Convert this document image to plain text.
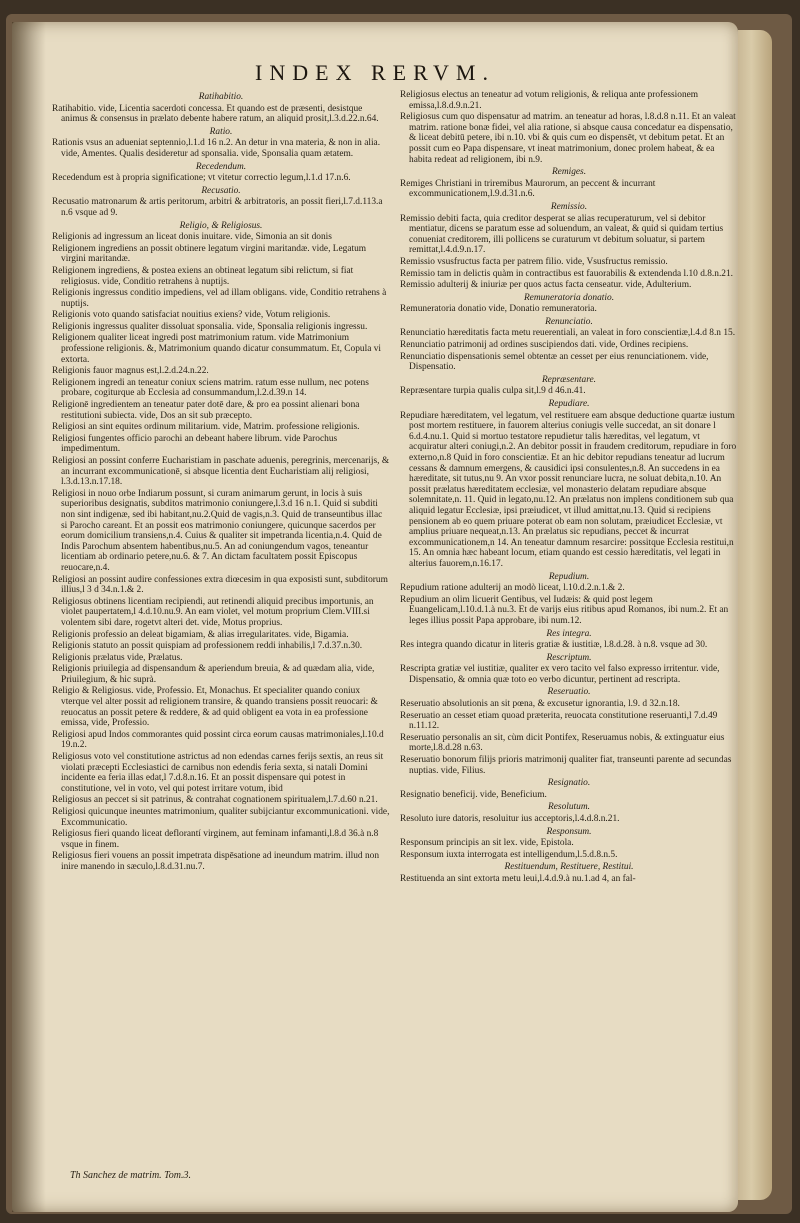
INDEX RERVM.
Ratihabitio.
Ratihabitio. vide, Licentia sacerdoti concessa. Et quando est de præsenti, desistque animus & consensus in prælato debente habere ratum, an aliquid prosit,l.3.d.22.n.64.
Ratio.
Rationis vsus an adueniat septennio,l.1.d 16 n.2. An detur in vna materia, & non in alia. vide, Amentes. Qualis desideretur ad sponsalia. vide, Sponsalia quam ætatem.
Recedendum.
Recedendum est à propria significatione; vt vitetur correctio legum,l.1.d 17.n.6.
Recusatio.
Recusatio matronarum & artis peritorum, arbitri & arbitratoris, an possit fieri,l.7.d.113.a n.6 vsque ad 9.
Religio, & Religiosus.
Religionis ad ingressum an liceat donis inuitare. vide, Simonia an sit donis
Religionem ingrediens an possit obtinere legatum virgini maritandæ. vide, Legatum virgini maritandæ.
Religionem ingrediens, & postea exiens an obtineat legatum sibi relictum, si fiat religiosus. vide, Conditio retrahens à nuptijs.
Religionis ingressus conditio impediens, vel ad illam obligans. vide, Conditio retrahens à nuptijs.
Religionis voto quando satisfaciat nouitius exiens? vide, Votum religionis.
Religionis ingressus qualiter dissoluat sponsalia. vide, Sponsalia religionis ingressu.
Religionem qualiter liceat ingredi post matrimonium ratum. vide Matrimonium professione religionis. &, Matrimonium quando dicatur consummatum. Et, Copula vi extorta.
Religionis fauor magnus est,l.2.d.24.n.22.
Religionem ingredi an teneatur coniux sciens matrim. ratum esse nullum, nec potens probare, cogiturque ab Ecclesia ad consummandum,l.2.d.39.n 14.
Religionē ingredientem an teneatur pater dotē dare, & pro ea possint alienari bona restitutioni subiecta. vide, Dos an sit sub præcepto.
Religiosi an sint equites ordinum militarium. vide, Matrim. professione religionis.
Religiosi fungentes officio parochi an debeant habere librum. vide Parochus impedimentum.
Religiosi an possint conferre Eucharistiam in paschate aduenis, peregrinis, mercenarijs, & an incurrant excommunicationē, si absque licentia dent Eucharistiam alij religiosi, l.3.d.13.n.17.18.
Religiosi in nouo orbe Indiarum possunt, si curam animarum gerunt, in locis à suis superioribus designatis, subditos matrimonio coniungere,l.3.d 16 n.1. Quid si subditi non sint indigenæ, sed ibi habitant,nu.2.Quid de vagis,n.3. Quid de transeuntibus illac si Parocho careant. Et an possit eos matrimonio coniungere, quicunque sacerdos per eorum domicilium transiens,n.4. Cuius & qualiter sit impetranda licentia,n.4. Quid de Indis Parochum absentem habentibus,nu.5. An ad coniungendum vagos, teneantur licentiam ab ordinario petere,nu.6. & 7. An dictam facultatem possit Episcopus reuocare,n.4.
Religiosi an possint audire confessiones extra diœcesim in qua exposisti sunt, subditorum illius,l 3 d 34.n.1.& 2.
Religiosus obtinens licentiam recipiendi, aut retinendi aliquid precibus importunis, an violet paupertatem,l 4.d.10.nu.9. An eam violet, vel motum proprium Clem.VIII.si volentem sibi dare, rogetvt alteri det. vide, Motus proprius.
Religionis professio an deleat bigamiam, & alias irregularitates. vide, Bigamia.
Religionis statuto an possit quispiam ad professionem reddi inhabilis,l 7.d.37.n.30.
Religionis prælatus vide, Prælatus.
Religionis priuilegia ad dispensandum & aperiendum breuia, & ad quædam alia, vide, Priuilegium, & hic suprà.
Religio & Religiosus. vide, Professio. Et, Monachus. Et specialiter quando coniux vterque vel alter possit ad religionem transire, & quando transiens possit reuocari: & reuocatus an possit petere & reddere, & ad quid obligent ea vota in ea professione emissa, vide, Professio.
Religiosi apud Indos commorantes quid possint circa eorum causas matrimoniales,l.10.d 19.n.2.
Religiosus voto vel constitutione astrictus ad non edendas carnes ferijs sextis, an reus sit violati præcepti Ecclesiastici de carnibus non edendis feria sexta, si natali Domini incidente ea feria illas edat,l 7.d.8.n.16. Et an possit dispensare qui potest in constitutione, vel in voto, vel qui potest irritare votum, ibid
Religiosus an peccet si sit patrinus, & contrahat cognationem spiritualem,l.7.d.60 n.21.
Religiosi quicunque ineuntes matrimonium, qualiter subijciantur excommunicationi. vide, Excommunicatio.
Religiosus fieri quando liceat deflorantí virginem, aut feminam infamanti,l.8.d 36.à n.8 vsque in finem.
Religiosus fieri vouens an possit impetrata dispēsatione ad ineundum matrim. illud non inire manendo in sæculo,l.8.d.31.nu.7.
Religiosus electus an teneatur ad votum religionis, & reliqua ante professionem emissa,l.8.d.9.n.21.
Religiosus cum quo dispensatur ad matrim. an teneatur ad horas, l.8.d.8 n.11. Et an valeat matrim. ratione bonæ fidei, vel alia ratione, si absque causa concedatur ea dispensatio, & liceat debitū petere, ibi n.10. vbi & quis cum eo dispensēt, vt debitum petat. Et an possit cum eo Papa dispensare, vt ineat matrimonium, donec prolem habeat, & ea habita redeat ad religionem, ibi n.9.
Remiges.
Remiges Christiani in triremibus Maurorum, an peccent & incurrant excommunicationem,l.9.d.31.n.6.
Remissio.
Remissio debiti facta, quia creditor desperat se alias recuperaturum, vel si debitor mentiatur, dicens se paratum esse ad soluendum, an valeat, & quid si quidam tertius conueniat creditorem, illi pollicens se curaturum vt debitum soluatur, si partem remittat,l.4.d.9.n.17.
Remissio vsusfructus facta per patrem filio. vide, Vsusfructus remissio.
Remissio tam in delictis quàm in contractibus est fauorabilis & extendenda l.10 d.8.n.21.
Remissio adulterij & iniuriæ per quos actus facta censeatur. vide, Adulterium.
Remuneratoria donatio.
Remuneratoria donatio vide, Donatio remuneratoria.
Renunciatio.
Renunciatio hæreditatis facta metu reuerentiali, an valeat in foro conscientiæ,l.4.d 8.n 15.
Renunciatio patrimonij ad ordines suscipiendos dati. vide, Ordines recipiens.
Renunciatio dispensationis semel obtentæ an cesset per eius renunciationem. vide, Dispensatio.
Repræsentare.
Repræsentare turpia qualis culpa sit,l.9 d 46.n.41.
Repudiare.
Repudiare hæreditatem, vel legatum, vel restituere eam absque deductione quartæ iustum post mortem restituere, in fauorem alterius coniugis velle succedat, an sit donare l 6.d.4.nu.1. Quid si mortuo testatore repudietur talis hæreditas, vel legatum, vt acquiratur alteri coniugi,n.2. An debitor possit in fraudem creditorum, repudiare in foro externo,n.8 Quid in foro conscientiæ. Et an hic debitor repudians teneatur ad lucrum cessans & damnum emergens, & causidici ipsi consulentes,n.8. An succedens in ea hæreditate, sit tutus,nu 9. An vxor possit renunciare lucra, ne soluat debita,n.10. An possit prælatus hæreditatem ecclesiæ, vel monasterio delatam repudiare absque solemnitate,n. 11. Quid in legato,nu.12. An prælatus non implens conditionem sub qua aliquid legatur Ecclesiæ, ipsi præiudicet, vt illud amittat,nu.13. Quid si recipiens pensionem ab eo quem priuare poterat ob eam non solutam, præiudicet Ecclesiæ, vt amplius priuare nequeat,n.13. An prælatus sic repudians, peccet & incurrat excommunicationem,n 14. An teneatur damnum resarcire: possitque Ecclesia restitui,n 15. An omnia hæc habeant locum, etiam quando est cessio hæreditatis, vel legati in alterius fauorem,n.16.17.
Repudium.
Repudium ratione adulterij an modò liceat, l.10.d.2.n.1.& 2.
Repudium an olim licuerit Gentibus, vel Iudæis: & quid post legem Euangelicam,l.10.d.1.à nu.3. Et de varijs eius ritibus apud Romanos, ibi num.2. Et an leges illius possit Papa approbare, ibi num.12.
Res integra.
Res integra quando dicatur in literis gratiæ & iustitiæ, l.8.d.28. à n.8. vsque ad 30.
Rescriptum.
Rescripta gratiæ vel iustitiæ, qualiter ex vero tacito vel falso expresso irritentur. vide, Dispensatio, & omnia quæ toto eo verbo dicuntur, pertinent ad rescripta.
Reseruatio.
Reseruatio absolutionis an sit pœna, & excusetur ignorantia, l.9. d 32.n.18.
Reseruatio an cesset etiam quoad præterita, reuocata constitutione reseruanti,l 7.d.49 n.11.12.
Reseruatio personalis an sit, cùm dicit Pontifex, Reseruamus nobis, & extinguatur eius morte,l.8.d.28 n.63.
Reseruatio bonorum filijs prioris matrimonij qualiter fiat, transeunti parente ad secundas nuptias. vide, Filius.
Resignatio.
Resignatio beneficij. vide, Beneficium.
Resolutum.
Resoluto iure datoris, resoluitur ius acceptoris,l.4.d.8.n.21.
Responsum.
Responsum principis an sit lex. vide, Epistola.
Responsum iuxta interrogata est intelligendum,l.5.d.8.n.5.
Restituendum, Restituere, Restitui.
Restituenda an sint extorta metu leui,l.4.d.9.à nu.1.ad 4, an fal-
Th Sanchez de matrim. Tom.3.
